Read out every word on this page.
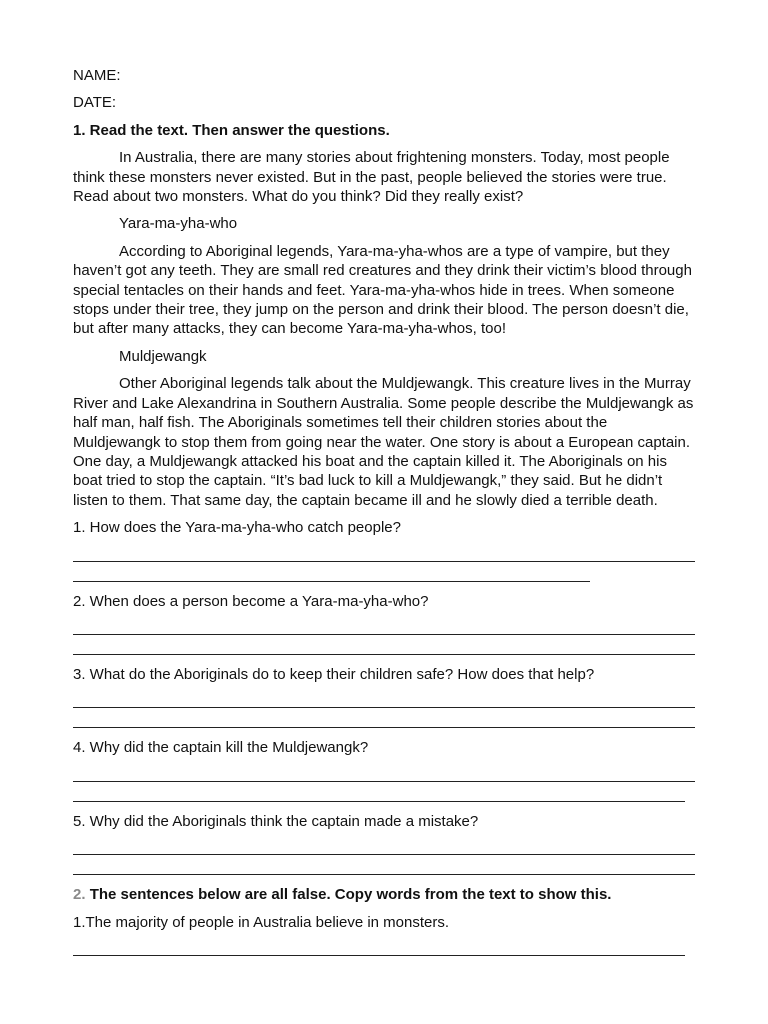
NAME:
DATE:
1. Read the text. Then answer the questions.
In Australia, there are many stories about frightening monsters. Today, most people think these monsters never existed. But in the past, people believed the stories were true. Read about two monsters. What do you think? Did they really exist?
Yara-ma-yha-who
According to Aboriginal legends, Yara-ma-yha-whos are a type of vampire, but they haven’t got any teeth. They are small red creatures and they drink their victim’s blood through special tentacles on their hands and feet. Yara-ma-yha-whos hide in trees. When someone stops under their tree, they jump on the person and drink their blood. The person doesn’t die, but after many attacks, they can become Yara-ma-yha-whos, too!
Muldjewangk
Other Aboriginal legends talk about the Muldjewangk. This creature lives in the Murray River and Lake Alexandrina in Southern Australia. Some people describe the Muldjewangk as half man, half fish. The Aboriginals sometimes tell their children stories about the Muldjewangk to stop them from going near the water. One story is about a European captain. One day, a Muldjewangk attacked his boat and the captain killed it. The Aboriginals on his boat tried to stop the captain. “It’s bad luck to kill a Muldjewangk,” they said. But he didn’t listen to them. That same day, the captain became ill and he slowly died a terrible death.
1. How does the Yara-ma-yha-who catch people?
2. When does a person become a Yara-ma-yha-who?
3. What do the Aboriginals do to keep their children safe? How does that help?
4. Why did the captain kill the Muldjewangk?
5. Why did the Aboriginals think the captain made a mistake?
2. The sentences below are all false. Copy words from the text to show this.
1.The majority of people in Australia believe in monsters.
